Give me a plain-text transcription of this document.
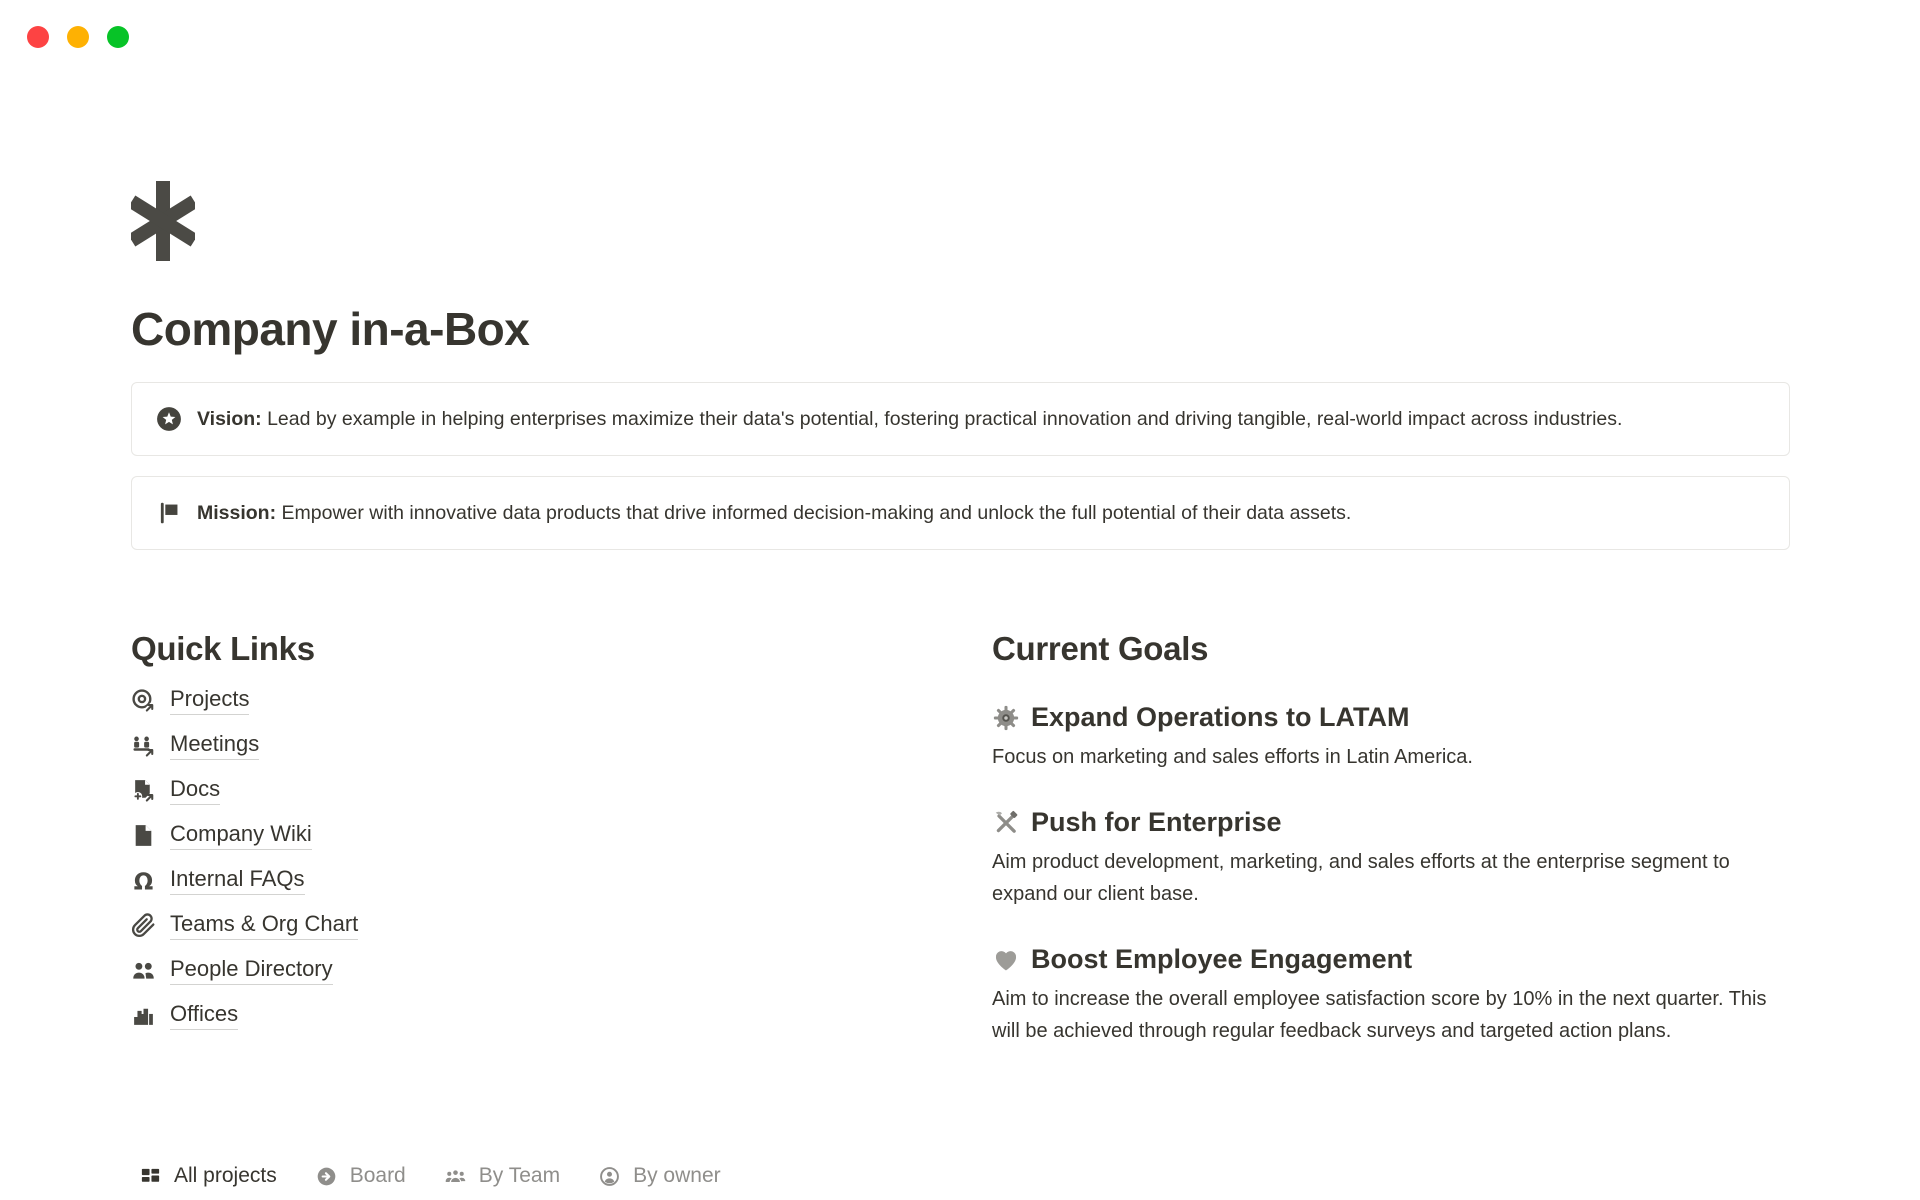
Company in-a-Box
Vision: Lead by example in helping enterprises maximize their data's potential, fostering practical innovation and driving tangible, real-world impact across industries.
Mission: Empower with innovative data products that drive informed decision-making and unlock the full potential of their data assets.
Quick Links
Projects
Meetings
Docs
Company Wiki
Ω Internal FAQs
Teams & Org Chart
People Directory
Offices
Current Goals
Expand Operations to LATAM

Focus on marketing and sales efforts in Latin America.

Push for Enterprise

Aim product development, marketing, and sales efforts at the enterprise segment to expand our client base.

Boost Employee Engagement

Aim to increase the overall employee satisfaction score by 10% in the next quarter. This will be achieved through regular feedback surveys and targeted action plans.

All projects	Board	By Team	By owner
